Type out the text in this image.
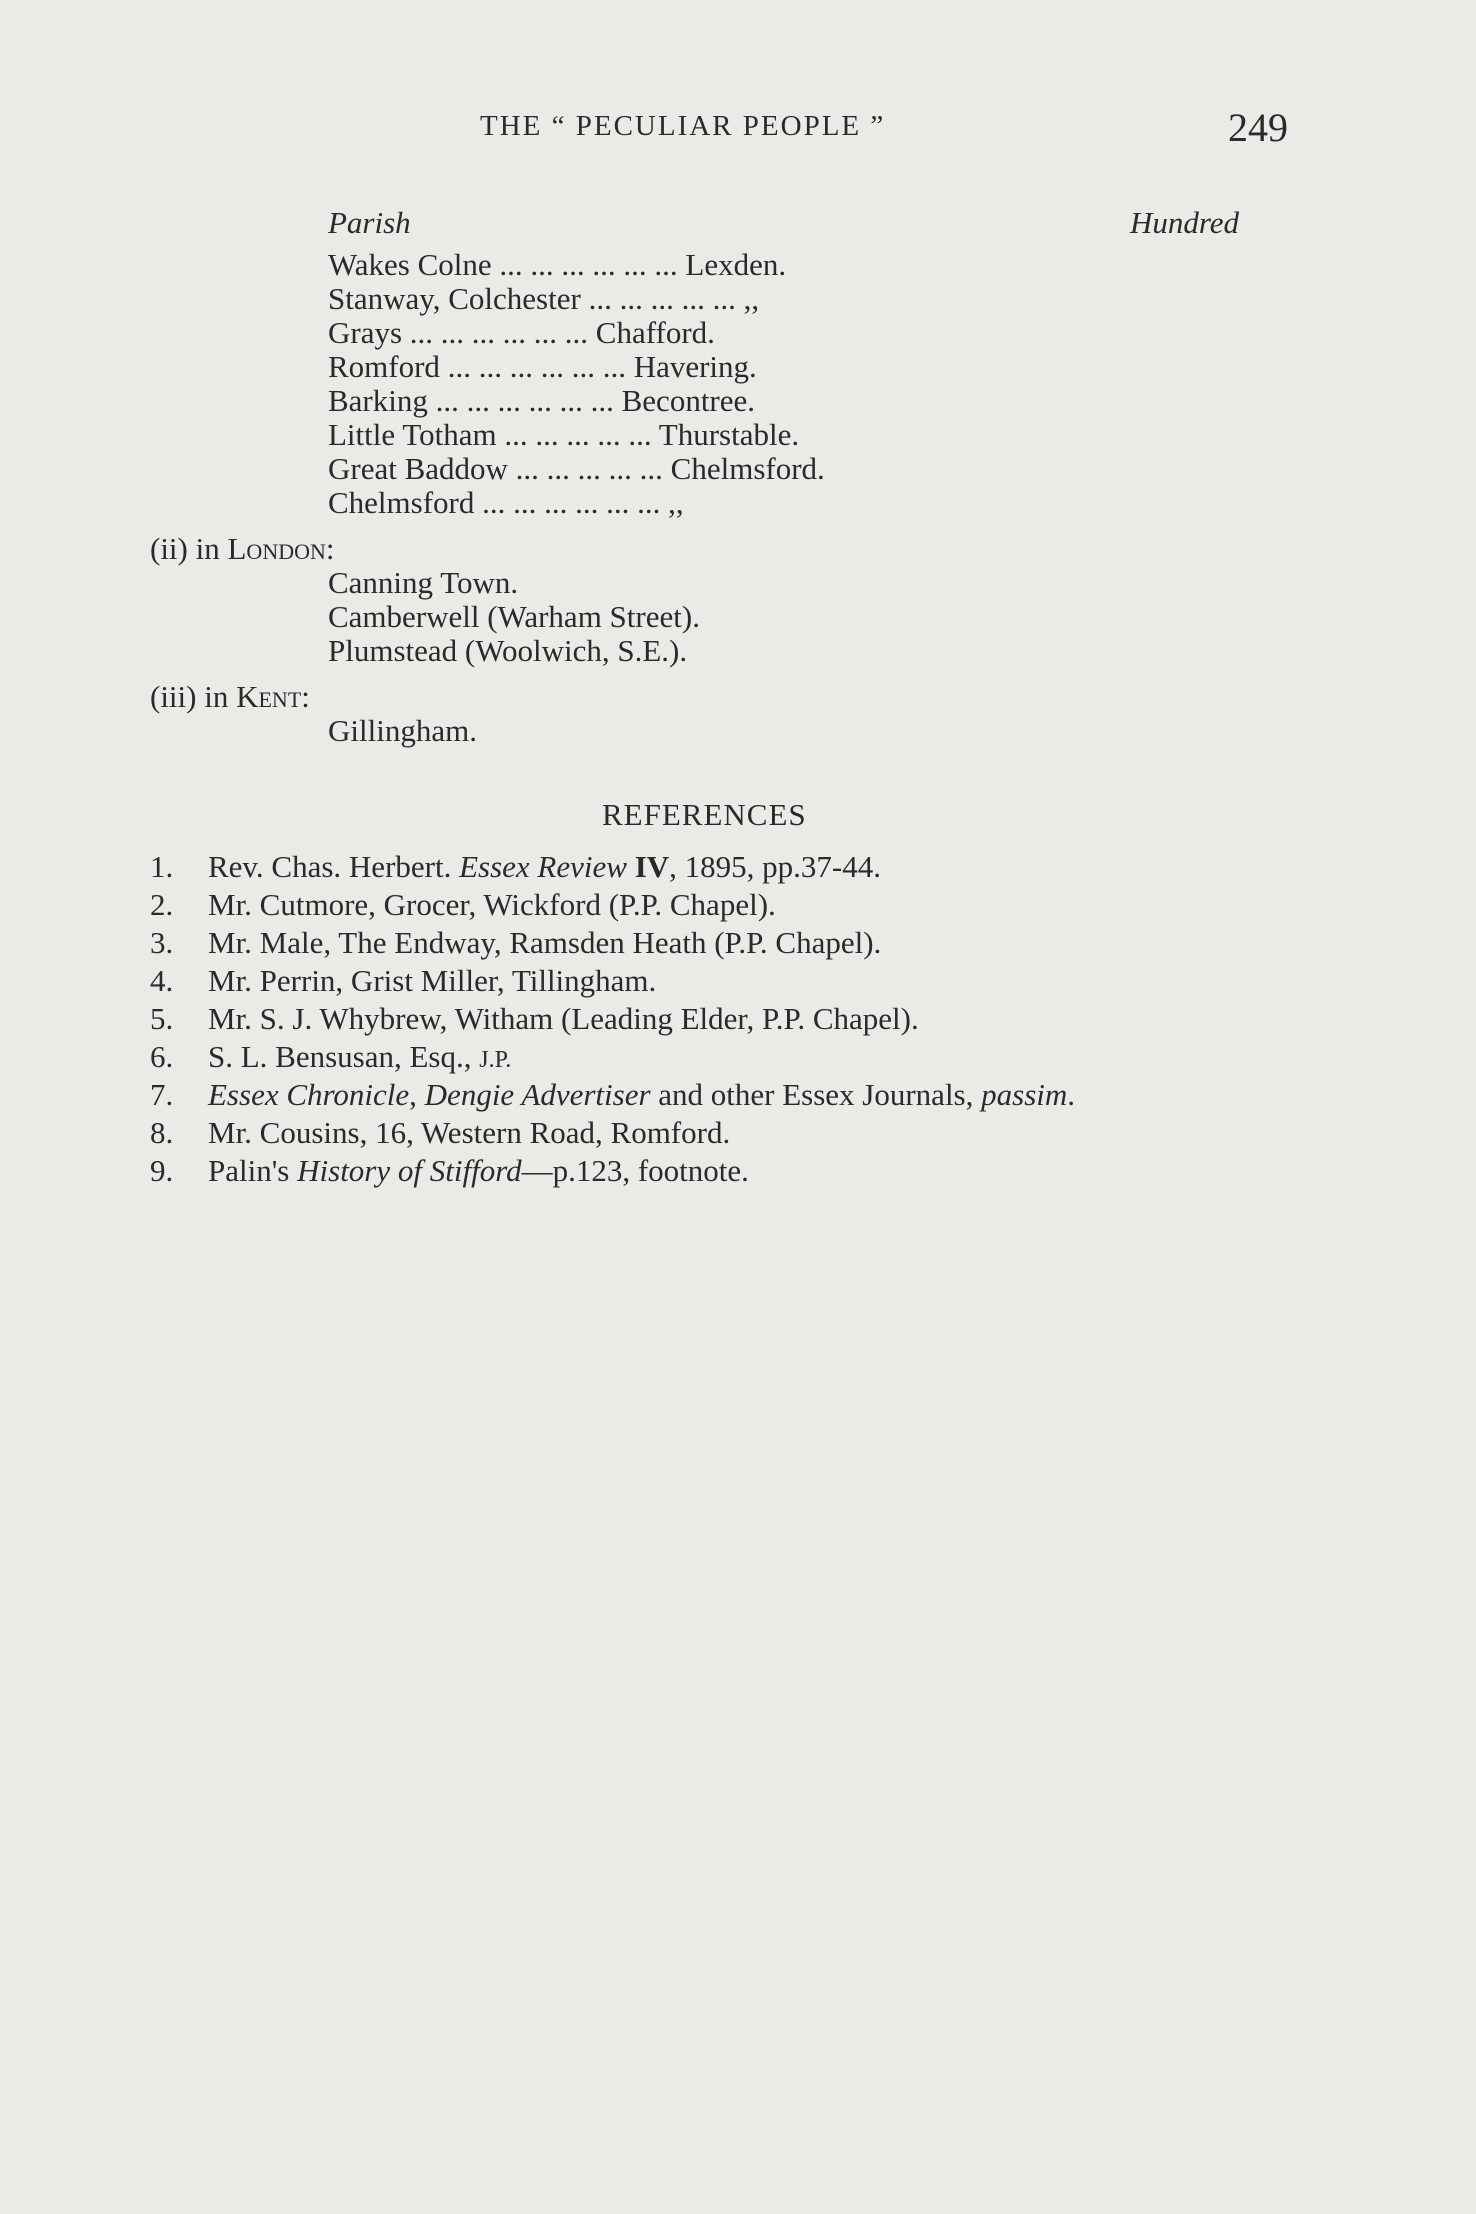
THE “ PECULIAR PEOPLE ”	249
Parish	Hundred
Wakes Colne ... ... ... ... ... ... Lexden.
Stanway, Colchester ... ... ... ... ... ,,
Grays ... ... ... ... ... ... Chafford.
Romford ... ... ... ... ... ... Havering.
Barking ... ... ... ... ... ... Becontree.
Little Totham ... ... ... ... ... Thurstable.
Great Baddow ... ... ... ... ... Chelmsford.
Chelmsford ... ... ... ... ... ... ,,
(ii) in London:
Canning Town.
Camberwell (Warham Street).
Plumstead (Woolwich, S.E.).
(iii) in Kent:
Gillingham.
REFERENCES
1.	Rev. Chas. Herbert. Essex Review IV, 1895, pp.37-44.
2.	Mr. Cutmore, Grocer, Wickford (P.P. Chapel).
3.	Mr. Male, The Endway, Ramsden Heath (P.P. Chapel).
4.	Mr. Perrin, Grist Miller, Tillingham.
5.	Mr. S. J. Whybrew, Witham (Leading Elder, P.P. Chapel).
6.	S. L. Bensusan, Esq., J.P.
7.	Essex Chronicle, Dengie Advertiser and other Essex Journals, passim.
8.	Mr. Cousins, 16, Western Road, Romford.
9.	Palin's History of Stifford—p.123, footnote.
